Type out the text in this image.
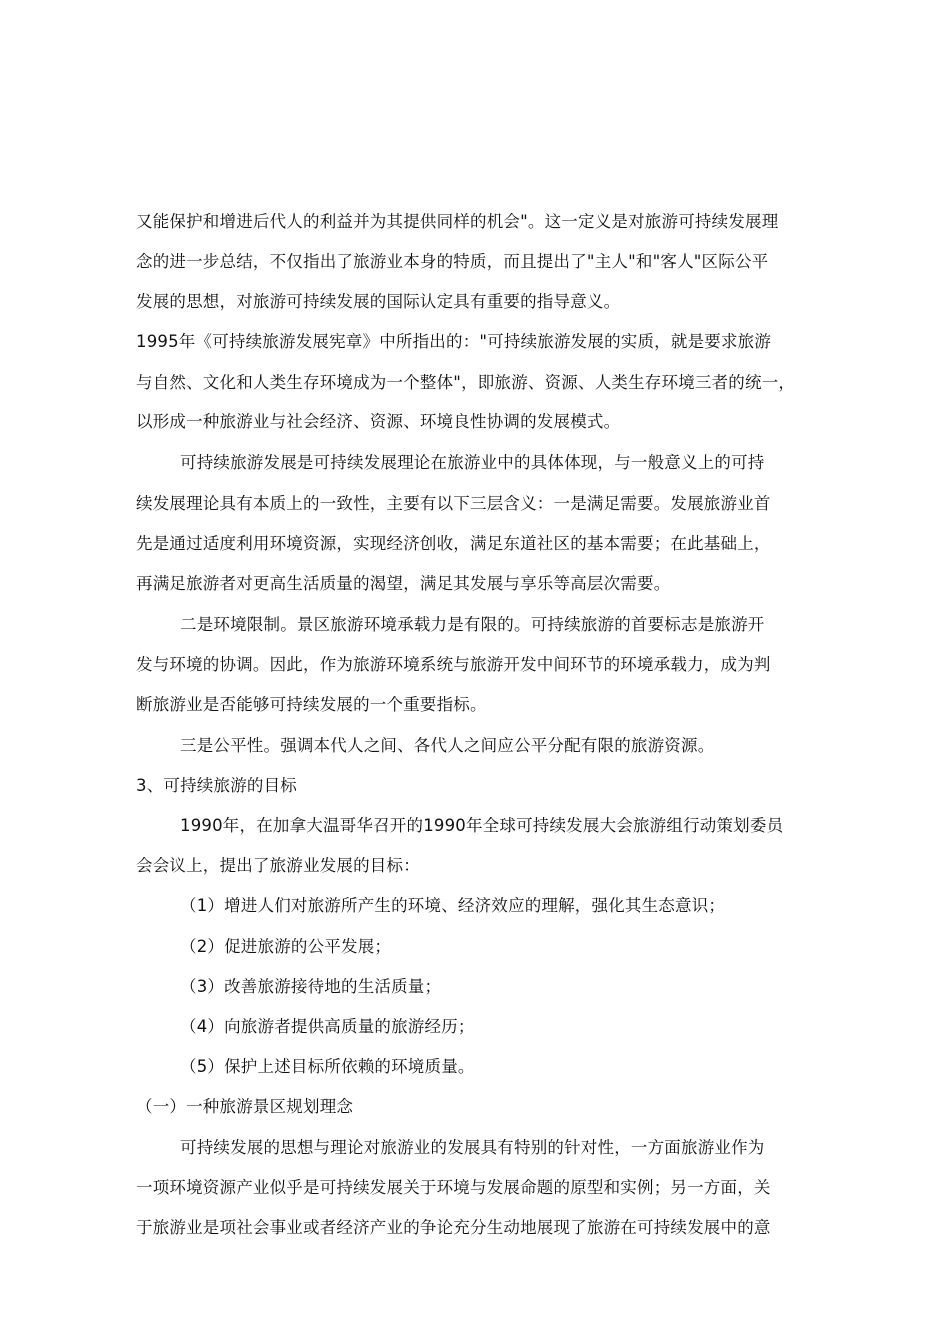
又能保护和增进后代人的利益并为其提供同样的机会"。这一定义是对旅游可持续发展理
念的进一步总结，不仅指出了旅游业本身的特质，而且提出了"主人"和"客人"区际公平
发展的思想，对旅游可持续发展的国际认定具有重要的指导意义。
1995年《可持续旅游发展宪章》中所指出的："可持续旅游发展的实质，就是要求旅游
与自然、文化和人类生存环境成为一个整体"，即旅游、资源、人类生存环境三者的统一，
以形成一种旅游业与社会经济、资源、环境良性协调的发展模式。
可持续旅游发展是可持续发展理论在旅游业中的具体体现，与一般意义上的可持
续发展理论具有本质上的一致性，主要有以下三层含义：一是满足需要。发展旅游业首
先是通过适度利用环境资源，实现经济创收，满足东道社区的基本需要；在此基础上，
再满足旅游者对更高生活质量的渴望，满足其发展与享乐等高层次需要。
二是环境限制。景区旅游环境承载力是有限的。可持续旅游的首要标志是旅游开
发与环境的协调。因此，作为旅游环境系统与旅游开发中间环节的环境承载力，成为判
断旅游业是否能够可持续发展的一个重要指标。
三是公平性。强调本代人之间、各代人之间应公平分配有限的旅游资源。
3、可持续旅游的目标
1990年，在加拿大温哥华召开的1990年全球可持续发展大会旅游组行动策划委员
会会议上，提出了旅游业发展的目标：
（1）增进人们对旅游所产生的环境、经济效应的理解，强化其生态意识；
（2）促进旅游的公平发展；
（3）改善旅游接待地的生活质量；
（4）向旅游者提供高质量的旅游经历；
（5）保护上述目标所依赖的环境质量。
（一）一种旅游景区规划理念
可持续发展的思想与理论对旅游业的发展具有特别的针对性，一方面旅游业作为
一项环境资源产业似乎是可持续发展关于环境与发展命题的原型和实例；另一方面，关
于旅游业是项社会事业或者经济产业的争论充分生动地展现了旅游在可持续发展中的意
